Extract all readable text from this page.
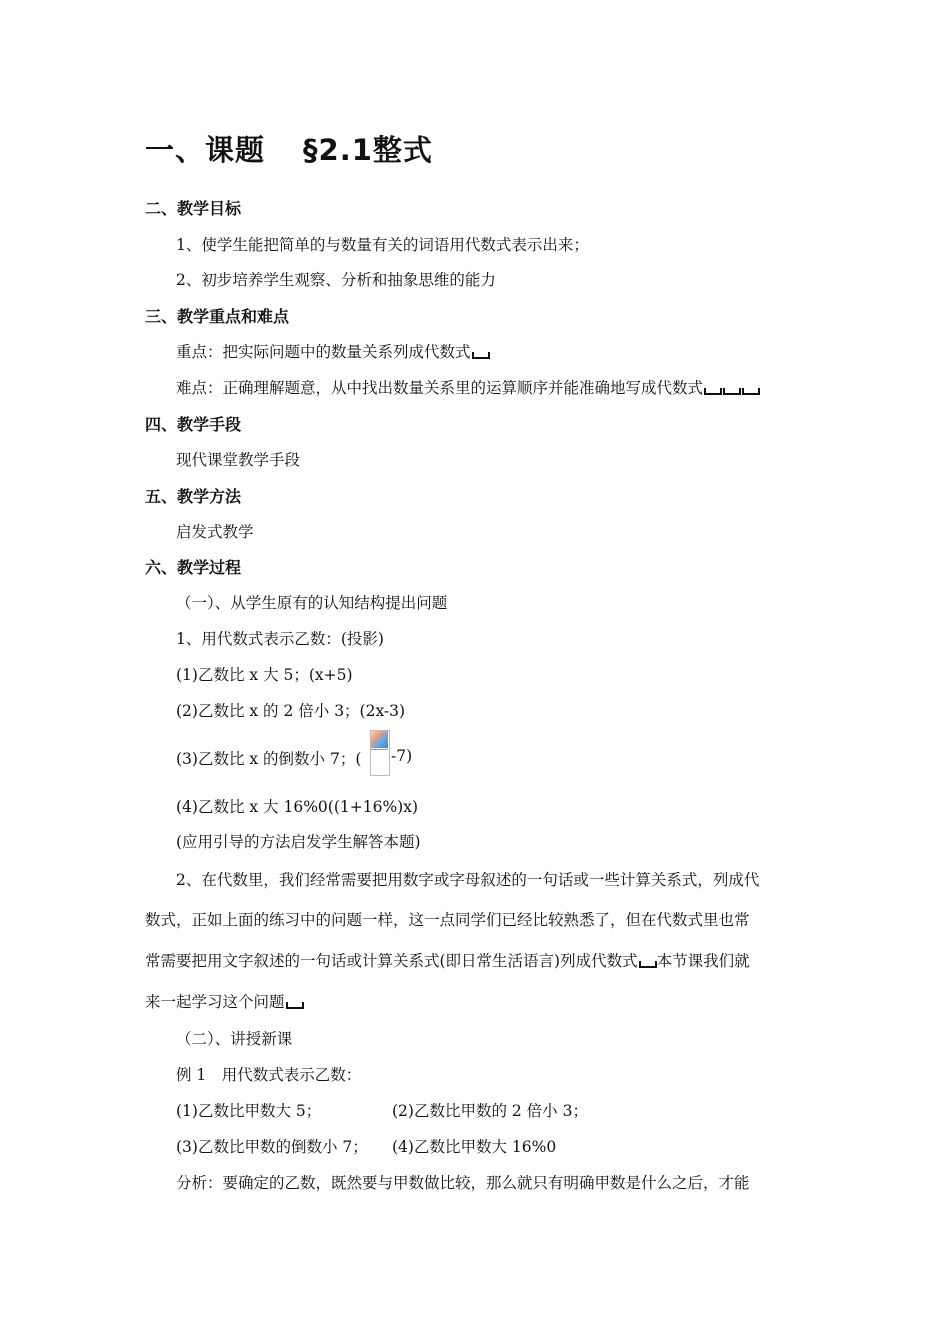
一、课题 §2.1整式
二、教学目标
1、使学生能把简单的与数量有关的词语用代数式表示出来；
2、初步培养学生观察、分析和抽象思维的能力
三、教学重点和难点
重点：把实际问题中的数量关系列成代数式
难点：正确理解题意，从中找出数量关系里的运算顺序并能准确地写成代数式
四、教学手段
现代课堂教学手段
五、教学方法
启发式教学
六、教学过程
（一）、从学生原有的认知结构提出问题
1、用代数式表示乙数：(投影)
(1)乙数比 x 大 5；(x+5)
(2)乙数比 x 的 2 倍小 3；(2x-3)
(3)乙数比 x 的倒数小 7；( -7)
(4)乙数比 x 大 16%0((1+16%)x)
(应用引导的方法启发学生解答本题)
2、在代数里，我们经常需要把用数字或字母叙述的一句话或一些计算关系式，列成代
数式，正如上面的练习中的问题一样，这一点同学们已经比较熟悉了，但在代数式里也常
常需要把用文字叙述的一句话或计算关系式(即日常生活语言)列成代数式 本节课我们就
来一起学习这个问题
（二）、讲授新课
例 1　用代数式表示乙数：
(1)乙数比甲数大 5；	(2)乙数比甲数的 2 倍小 3；
(3)乙数比甲数的倒数小 7； (4)乙数比甲数大 16%0
分析：要确定的乙数，既然要与甲数做比较，那么就只有明确甲数是什么之后，才能
